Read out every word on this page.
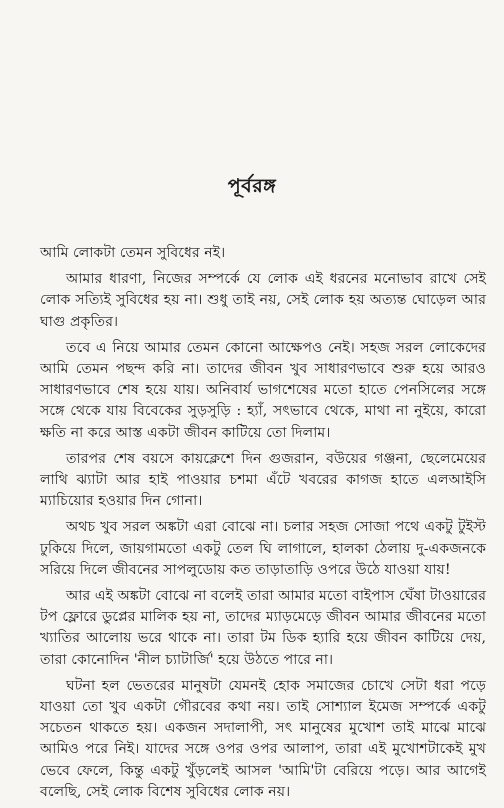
পূর্বরঙ্গ

আমি লোকটা তেমন সুবিধের নই।

আমার ধারণা, নিজের সম্পর্কে যে লোক এই ধরনের মনোভাব রাখে সেই লোক সত্যিই সুবিধের হয় না। শুধু তাই নয়, সেই লোক হয় অত্যন্ত ঘোড়েল আর ঘাগু প্রকৃতির।

তবে এ নিয়ে আমার তেমন কোনো আক্ষেপও নেই। সহজ সরল লোকেদের আমি তেমন পছন্দ করি না। তাদের জীবন খুব সাধারণভাবে শুরু হয়ে আরও সাধারণভাবে শেষ হয়ে যায়। অনিবার্য ভাগশেষের মতো হাতে পেনসিলের সঙ্গে সঙ্গে থেকে যায় বিবেকের সুড়সুড়ি : হ্যাঁ, সৎভাবে থেকে, মাথা না নুইয়ে, কারো ক্ষতি না করে আস্ত একটা জীবন কাটিয়ে তো দিলাম।

তারপর শেষ বয়সে কায়ক্লেশে দিন গুজরান, বউয়ের গঞ্জনা, ছেলেমেয়ের লাথি ঝ্যাটা আর হাই পাওয়ার চশমা এঁটে খবরের কাগজ হাতে এলআইসি ম্যাচিয়োর হওয়ার দিন গোনা।

অথচ খুব সরল অঙ্কটা এরা বোঝে না। চলার সহজ সোজা পথে একটু টুইস্ট ঢুকিয়ে দিলে, জায়গামতো একটু তেল ঘি লাগালে, হালকা ঠেলায় দু-একজনকে সরিয়ে দিলে জীবনের সাপলুডোয় কত তাড়াতাড়ি ওপরে উঠে যাওয়া যায়!

আর এই অঙ্কটা বোঝে না বলেই তারা আমার মতো বাইপাস ঘেঁষা টাওয়ারের টপ ফ্লোরে ডুপ্লের মালিক হয় না, তাদের ম্যাড়মেড়ে জীবন আমার জীবনের মতো খ্যাতির আলোয় ভরে থাকে না। তারা টম ডিক হ্যারি হয়ে জীবন কাটিয়ে দেয়, তারা কোনোদিন 'নীল চ্যাটার্জি' হয়ে উঠতে পারে না।

ঘটনা হল ভেতরের মানুষটা যেমনই হোক সমাজের চোখে সেটা ধরা পড়ে যাওয়া তো খুব একটা গৌরবের কথা নয়। তাই সোশ্যাল ইমেজ সম্পর্কে একটু সচেতন থাকতে হয়। একজন সদালাপী, সৎ মানুষের মুখোশ তাই মাঝে মাঝে আমিও পরে নিই। যাদের সঙ্গে ওপর ওপর আলাপ, তারা এই মুখোশটাকেই মুখ ভেবে ফেলে, কিন্তু একটু খুঁড়লেই আসল 'আমি'টা বেরিয়ে পড়ে। আর আগেই বলেছি, সেই লোক বিশেষ সুবিধের লোক নয়।
